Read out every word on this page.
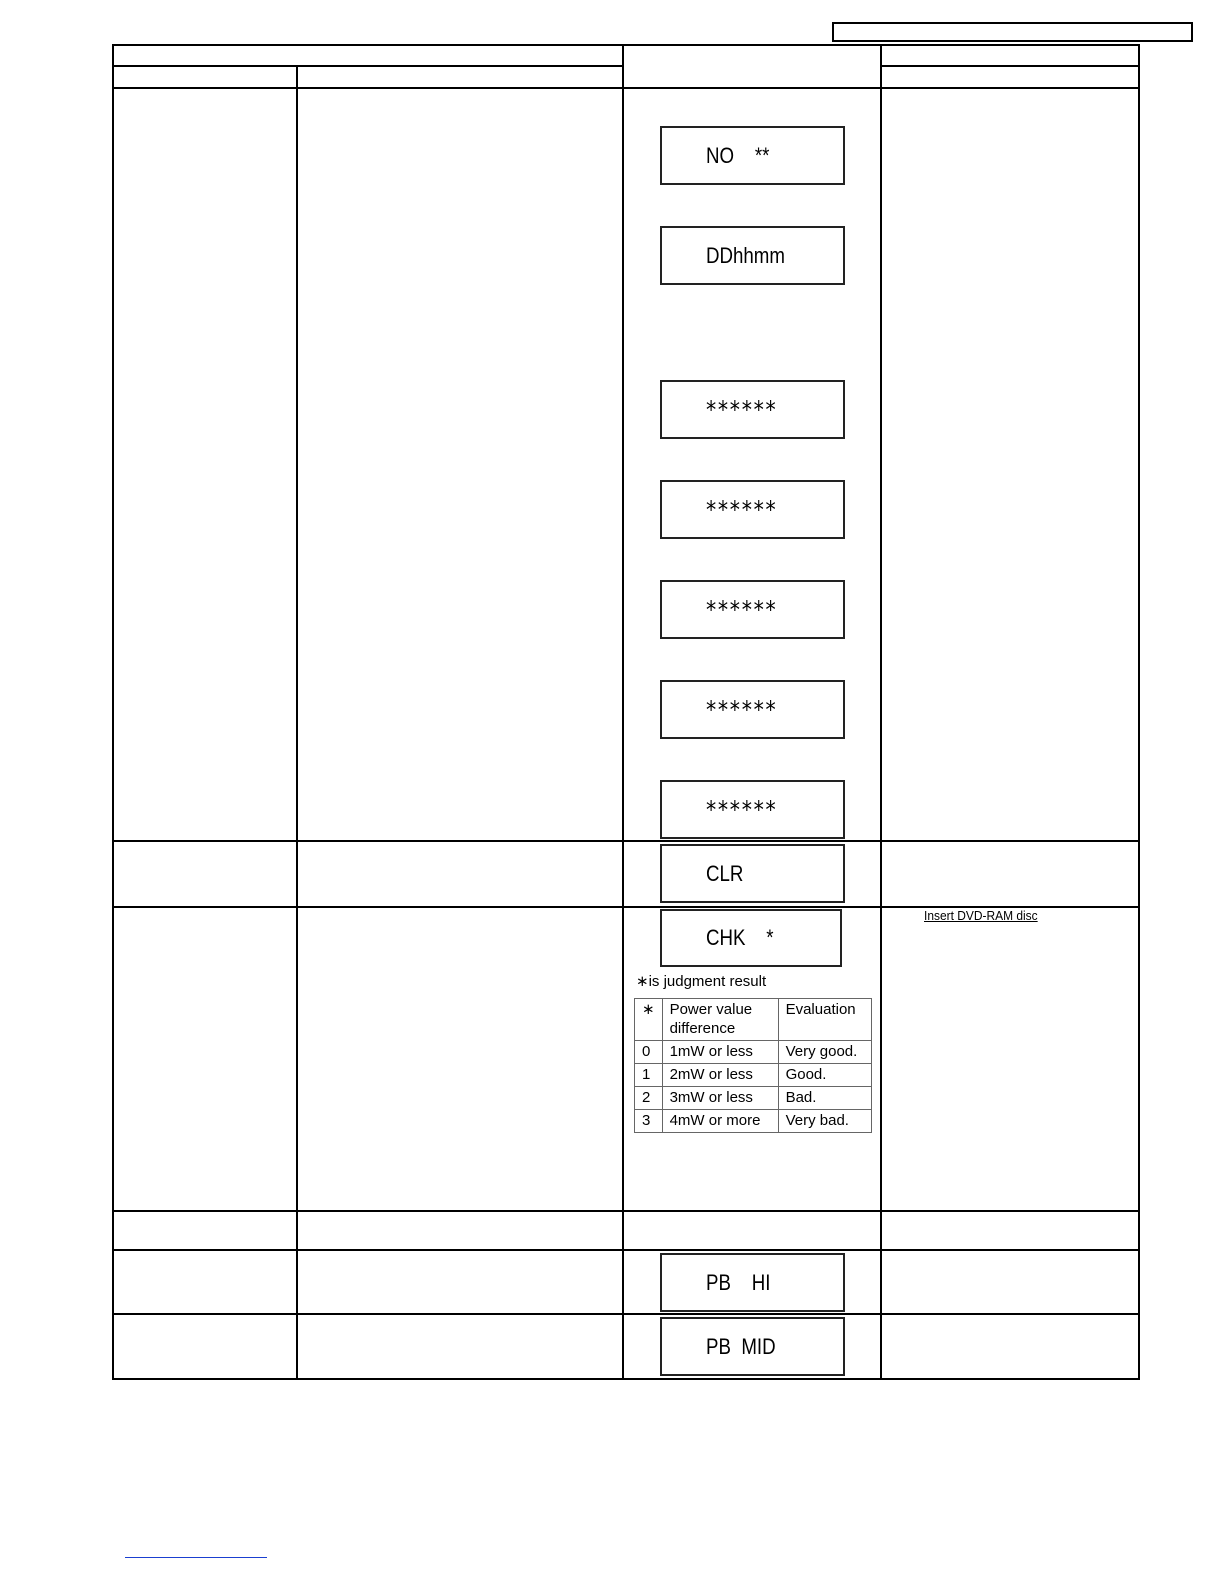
NO    **
DDhhmm
******
******
******
******
******
CLR
CHK    *
PB    HI
PB  MID
Insert DVD-RAM disc
∗is judgment result
∗	Power value difference	Evaluation
0	1mW or less	Very good.
1	2mW or less	Good.
2	3mW or less	Bad.
3	4mW or more	Very bad.
